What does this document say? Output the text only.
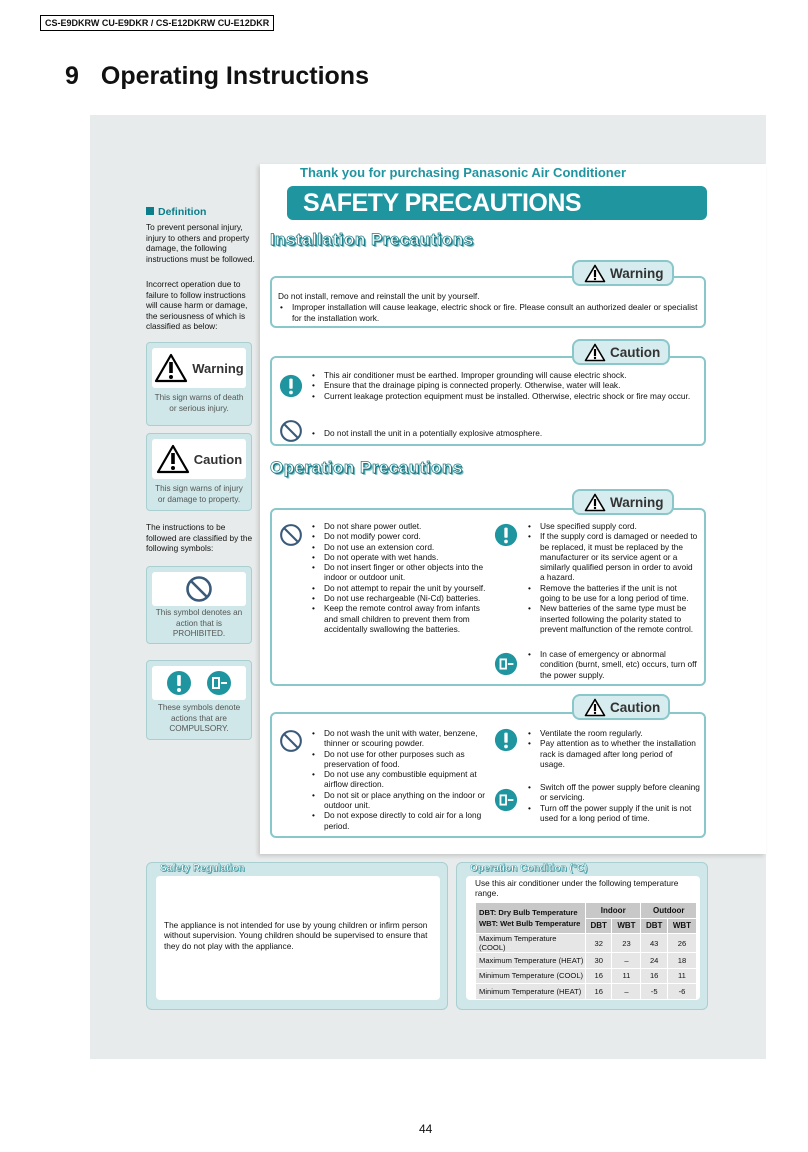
CS-E9DKRW CU-E9DKR / CS-E12DKRW CU-E12DKR
9 Operating Instructions
Definition
To prevent personal injury, injury to others and property damage, the following instructions must be followed.
Incorrect operation due to failure to follow instructions will cause harm or damage, the seriousness of which is classified as below:
Warning
This sign warns of death or serious injury.
Caution
This sign warns of injury or damage to property.
The instructions to be followed are classified by the following symbols:
This symbol denotes an action that is PROHIBITED.
These symbols denote actions that are COMPULSORY.
Thank you for purchasing Panasonic Air Conditioner
SAFETY PRECAUTIONS
Installation Precautions
Warning
Do not install, remove and reinstall the unit by yourself.
• Improper installation will cause leakage, electric shock or fire. Please consult an authorized dealer or specialist for the installation work.
Caution
• This air conditioner must be earthed. Improper grounding will cause electric shock.
• Ensure that the drainage piping is connected properly. Otherwise, water will leak.
• Current leakage protection equipment must be installed. Otherwise, electric shock or fire may occur.
• Do not install the unit in a potentially explosive atmosphere.
Operation Precautions
Warning
• Do not share power outlet.
• Do not modify power cord.
• Do not use an extension cord.
• Do not operate with wet hands.
• Do not insert finger or other objects into the indoor or outdoor unit.
• Do not attempt to repair the unit by yourself.
• Do not use rechargeable (Ni-Cd) batteries.
• Keep the remote control away from infants and small children to prevent them from accidentally swallowing the batteries.
• Use specified supply cord.
• If the supply cord is damaged or needed to be replaced, it must be replaced by the manufacturer or its service agent or a similarly qualified person in order to avoid a hazard.
• Remove the batteries if the unit is not going to be use for a long period of time.
• New batteries of the same type must be inserted following the polarity stated to prevent malfunction of the remote control.
• In case of emergency or abnormal condition (burnt, smell, etc) occurs, turn off the power supply.
Caution
• Do not wash the unit with water, benzene, thinner or scouring powder.
• Do not use for other purposes such as preservation of food.
• Do not use any combustible equipment at airflow direction.
• Do not sit or place anything on the indoor or outdoor unit.
• Do not expose directly to cold air for a long period.
• Ventilate the room regularly.
• Pay attention as to whether the installation rack is damaged after long period of usage.
• Switch off the power supply before cleaning or servicing.
• Turn off the power supply if the unit is not used for a long period of time.
Safety Regulation
The appliance is not intended for use by young children or infirm person without supervision. Young children should be supervised to ensure that they do not play with the appliance.
Operation Condition (°C)
Use this air conditioner under the following temperature range.
DBT: Dry Bulb Temperature
WBT: Wet Bulb Temperature	Indoor		Outdoor	
	DBT	WBT	DBT	WBT
Maximum Temperature (COOL)	32	23	43	26
Maximum Temperature (HEAT)	30	–	24	18
Minimum Temperature (COOL)	16	11	16	11
Minimum Temperature (HEAT)	16	–	-5	-6
44
